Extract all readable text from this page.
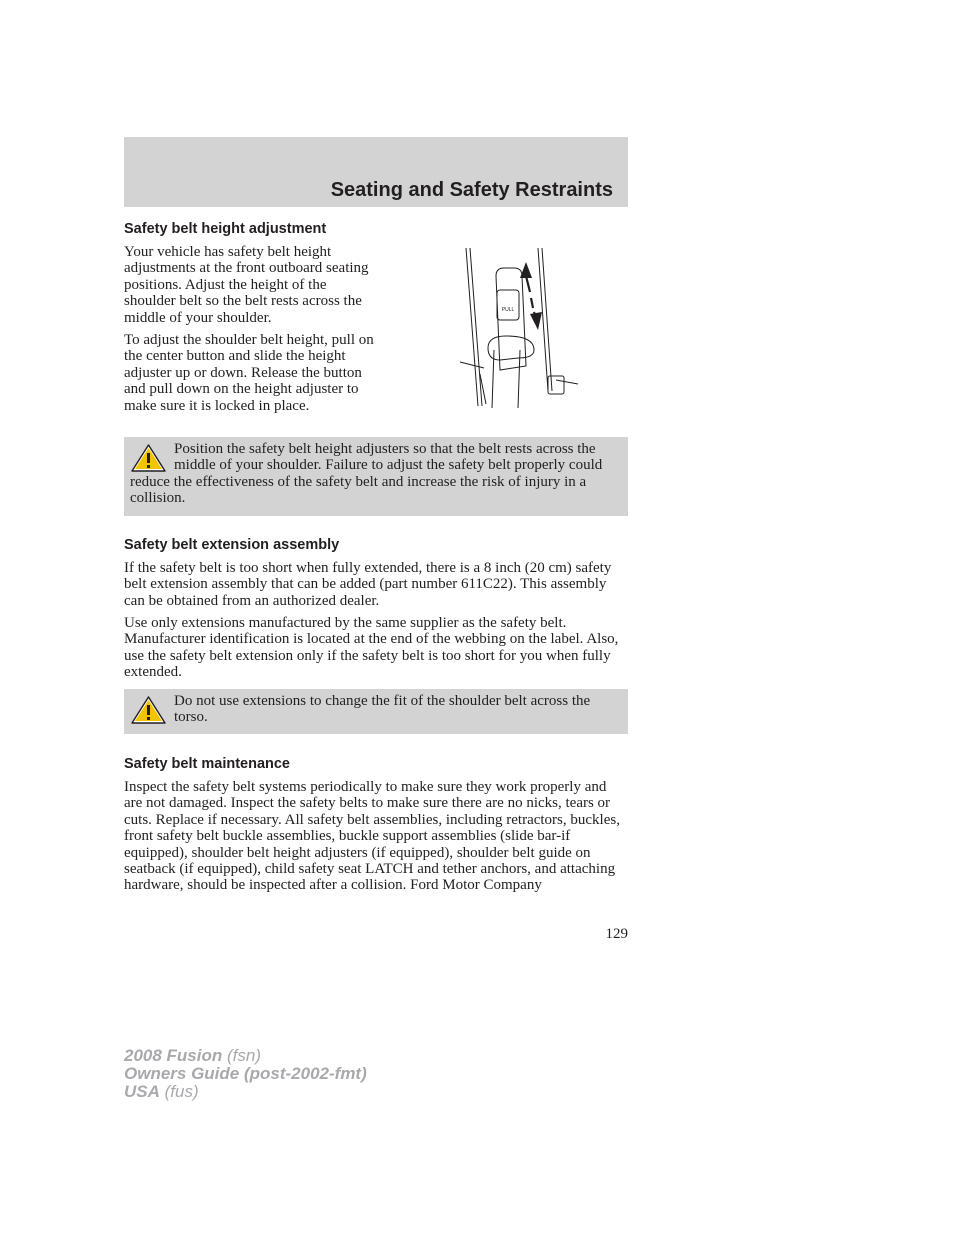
Seating and Safety Restraints
Safety belt height adjustment

Your vehicle has safety belt height adjustments at the front outboard seating positions. Adjust the height of the shoulder belt so the belt rests across the middle of your shoulder.

To adjust the shoulder belt height, pull on the center button and slide the height adjuster up or down. Release the button and pull down on the height adjuster to make sure it is locked in place.

PULL

Position the safety belt height adjusters so that the belt rests across the middle of your shoulder. Failure to adjust the safety belt properly could reduce the effectiveness of the safety belt and increase the risk of injury in a collision.

Safety belt extension assembly

If the safety belt is too short when fully extended, there is a 8 inch (20 cm) safety belt extension assembly that can be added (part number 611C22). This assembly can be obtained from an authorized dealer.

Use only extensions manufactured by the same supplier as the safety belt. Manufacturer identification is located at the end of the webbing on the label. Also, use the safety belt extension only if the safety belt is too short for you when fully extended.

Do not use extensions to change the fit of the shoulder belt across the torso.

Safety belt maintenance

Inspect the safety belt systems periodically to make sure they work properly and are not damaged. Inspect the safety belts to make sure there are no nicks, tears or cuts. Replace if necessary. All safety belt assemblies, including retractors, buckles, front safety belt buckle assemblies, buckle support assemblies (slide bar-if equipped), shoulder belt height adjusters (if equipped), shoulder belt guide on seatback (if equipped), child safety seat LATCH and tether anchors, and attaching hardware, should be inspected after a collision. Ford Motor Company

129
2008 Fusion (fsn)
Owners Guide (post-2002-fmt)
USA (fus)
